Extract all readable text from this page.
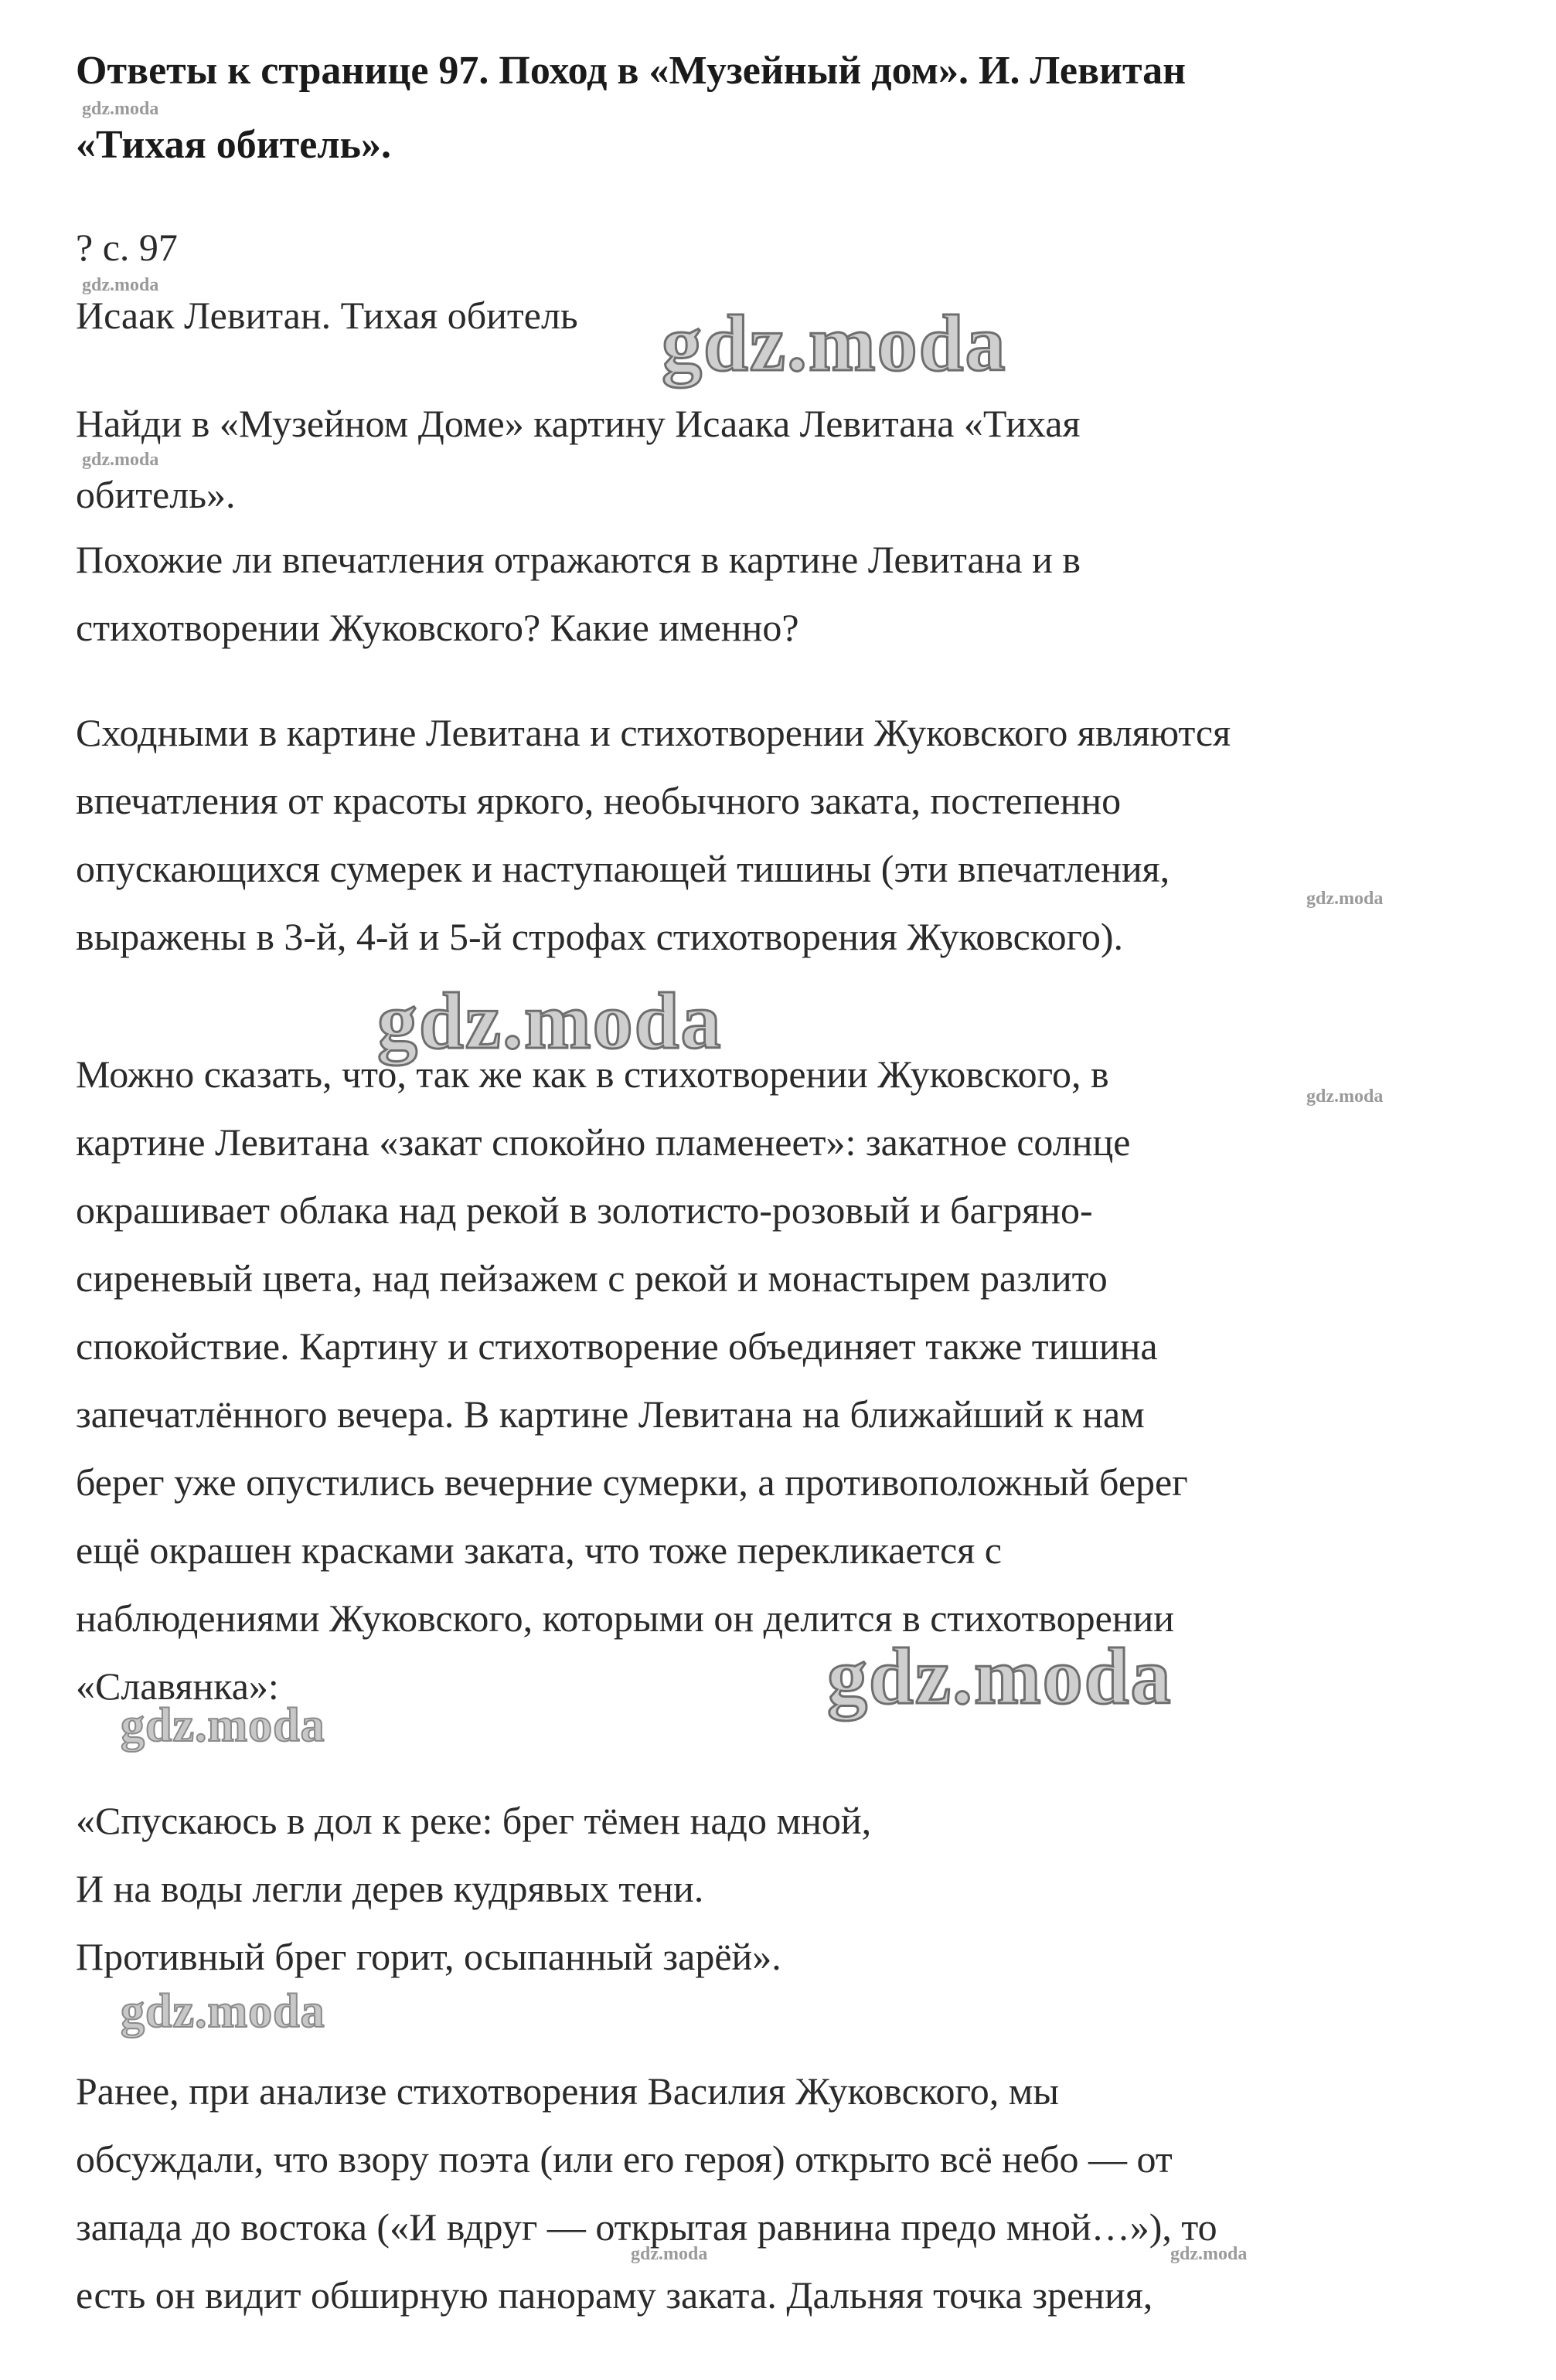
Ответы к странице 97. Поход в «Музейный дом». И. Левитан
«Тихая обитель».
? с. 97
Исаак Левитан. Тихая обитель
Найди в «Музейном Доме» картину Исаака Левитана «Тихая
обитель».
Похожие ли впечатления отражаются в картине Левитана и в
стихотворении Жуковского? Какие именно?
Сходными в картине Левитана и стихотворении Жуковского являются
впечатления от красоты яркого, необычного заката, постепенно
опускающихся сумерек и наступающей тишины (эти впечатления,
выражены в 3-й, 4-й и 5-й строфах стихотворения Жуковского).
Можно сказать, что, так же как в стихотворении Жуковского, в
картине Левитана «закат спокойно пламенеет»: закатное солнце
окрашивает облака над рекой в золотисто-розовый и багряно-
сиреневый цвета, над пейзажем с рекой и монастырем разлито
спокойствие. Картину и стихотворение объединяет также тишина
запечатлённого вечера. В картине Левитана на ближайший к нам
берег уже опустились вечерние сумерки, а противоположный берег
ещё окрашен красками заката, что тоже перекликается с
наблюдениями Жуковского, которыми он делится в стихотворении
«Славянка»:
«Спускаюсь в дол к реке: брег тёмен надо мной,
И на воды легли дерев кудрявых тени.
Противный брег горит, осыпанный зарёй».
Ранее, при анализе стихотворения Василия Жуковского, мы
обсуждали, что взору поэта (или его героя) открыто всё небо — от
запада до востока («И вдруг — открытая равнина предо мной…»), то
есть он видит обширную панораму заката. Дальняя точка зрения,
gdz.moda
gdz.moda
gdz.moda
gdz.moda
gdz.moda
gdz.moda	gdz.moda
gdz.moda
gdz.moda
gdz.moda
gdz.moda
gdz.moda
